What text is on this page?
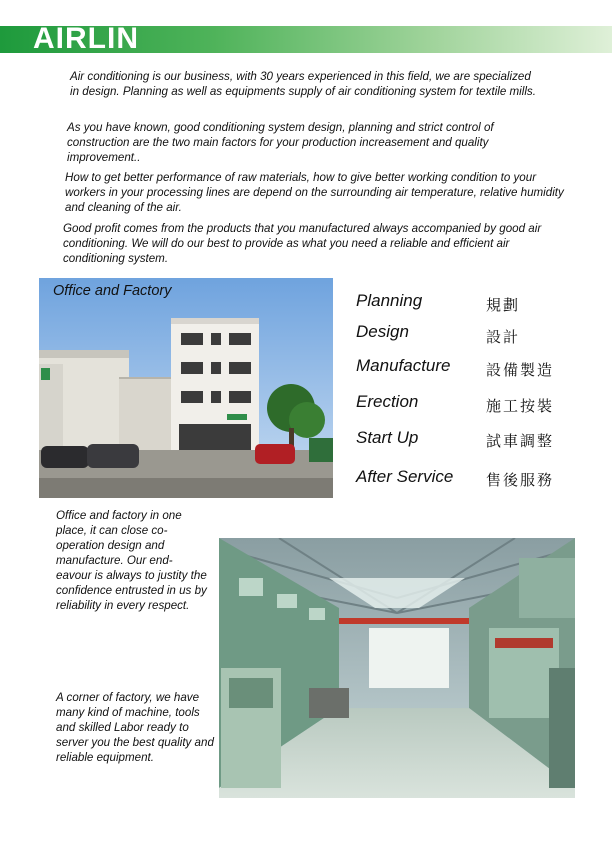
AIRLIN

Air conditioning is our business, with 30 years experienced in this field, we are specialized in design. Planning as well as equipments supply of air conditioning system for textile mills.

As you have known, good conditioning system design, planning and strict control of construction are the two main factors for your production increasement and quality improvement..

How to get better performance of raw materials, how to give better working condition to your workers in your processing lines are depend on the surrounding air temperature, relative humidity and cleaning of the air.

Good profit comes from the products that you manufactured always accompanied by good air conditioning. We will do our best to provide as what you need a reliable and efficient air conditioning system.

Office and Factory	Planning	規劃
Design	設計
Manufacture 設備製造
Erection	施工按裝
Start Up	試車調整
After Service 售後服務

Office and factory in one place, it can close co-operation design and manufacture. Our end-eavour is always to justity the confidence entrusted in us by reliability in every respect.

A corner of factory, we have many kind of machine, tools and skilled Labor ready to server you the best quality and reliable equipment.
